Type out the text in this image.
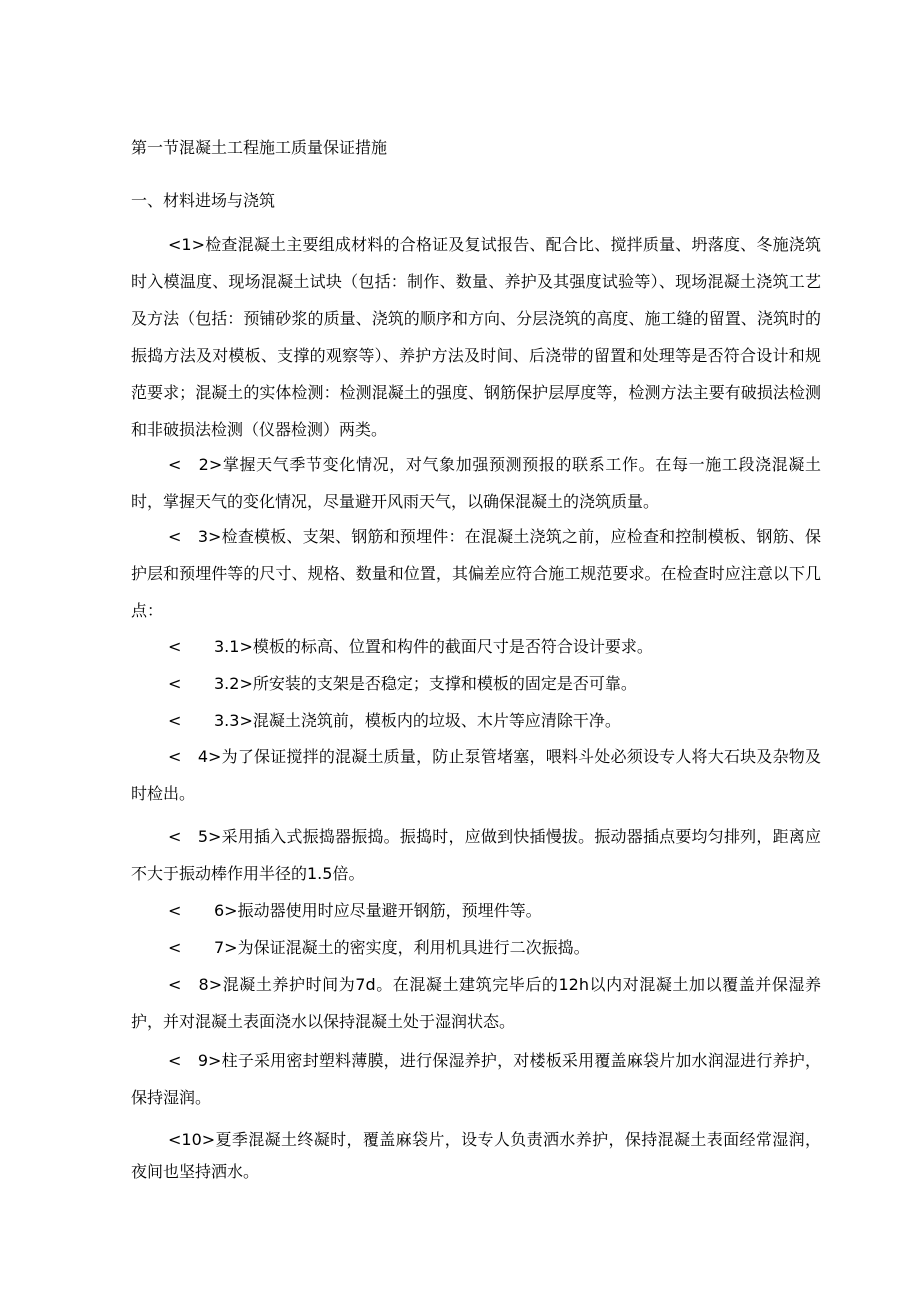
第一节混凝土工程施工质量保证措施
一、材料进场与浇筑

<1>检查混凝土主要组成材料的合格证及复试报告、配合比、搅拌质量、坍落度、冬施浇筑时入模温度、现场混凝土试块（包括：制作、数量、养护及其强度试验等）、现场混凝土浇筑工艺及方法（包括：预铺砂浆的质量、浇筑的顺序和方向、分层浇筑的高度、施工缝的留置、浇筑时的振捣方法及对模板、支撑的观察等）、养护方法及时间、后浇带的留置和处理等是否符合设计和规范要求；混凝土的实体检测：检测混凝土的强度、钢筋保护层厚度等，检测方法主要有破损法检测和非破损法检测（仪器检测）两类。

<　2>掌握天气季节变化情况，对气象加强预测预报的联系工作。在每一施工段浇混凝土时，掌握天气的变化情况，尽量避开风雨天气，以确保混凝土的浇筑质量。

<　3>检查模板、支架、钢筋和预埋件：在混凝土浇筑之前，应检查和控制模板、钢筋、保护层和预埋件等的尺寸、规格、数量和位置，其偏差应符合施工规范要求。在检查时应注意以下几点：

< 3.1>模板的标高、位置和构件的截面尺寸是否符合设计要求。
< 3.2>所安装的支架是否稳定；支撑和模板的固定是否可靠。
< 3.3>混凝土浇筑前，模板内的垃圾、木片等应清除干净。

<　4>为了保证搅拌的混凝土质量，防止泵管堵塞，喂料斗处必须设专人将大石块及杂物及时检出。

<　5>采用插入式振捣器振捣。振捣时，应做到快插慢拔。振动器插点要均匀排列，距离应不大于振动棒作用半径的1.5倍。

< 6>振动器使用时应尽量避开钢筋，预埋件等。
< 7>为保证混凝土的密实度，利用机具进行二次振捣。

<　8>混凝土养护时间为7d。在混凝土建筑完毕后的12h以内对混凝土加以覆盖并保湿养护，并对混凝土表面浇水以保持混凝土处于湿润状态。

<　9>柱子采用密封塑料薄膜，进行保湿养护，对楼板采用覆盖麻袋片加水润湿进行养护，保持湿润。

<10>夏季混凝土终凝时，覆盖麻袋片，设专人负责洒水养护，保持混凝土表面经常湿润，夜间也坚持洒水。
